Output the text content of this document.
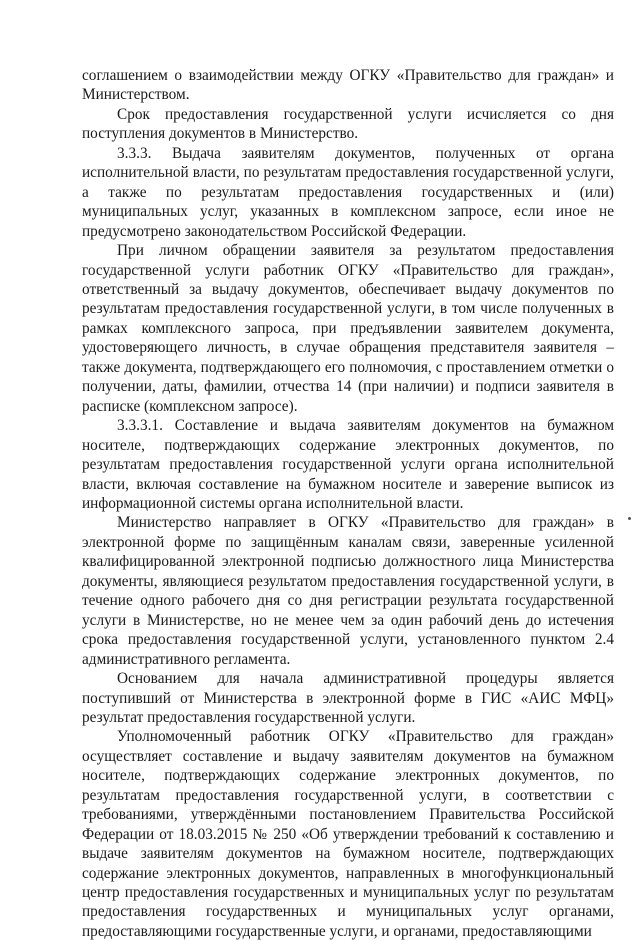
соглашением о взаимодействии между ОГКУ «Правительство для граждан» и Министерством.

Срок предоставления государственной услуги исчисляется со дня поступления документов в Министерство.

3.3.3. Выдача заявителям документов, полученных от органа исполнительной власти, по результатам предоставления государственной услуги, а также по результатам предоставления государственных и (или) муниципальных услуг, указанных в комплексном запросе, если иное не предусмотрено законодательством Российской Федерации.

При личном обращении заявителя за результатом предоставления государственной услуги работник ОГКУ «Правительство для граждан», ответственный за выдачу документов, обеспечивает выдачу документов по результатам предоставления государственной услуги, в том числе полученных в рамках комплексного запроса, при предъявлении заявителем документа, удостоверяющего личность, в случае обращения представителя заявителя – также документа, подтверждающего его полномочия, с проставлением отметки о получении, даты, фамилии, отчества 14 (при наличии) и подписи заявителя в расписке (комплексном запросе).

3.3.3.1. Составление и выдача заявителям документов на бумажном носителе, подтверждающих содержание электронных документов, по результатам предоставления государственной услуги органа исполнительной власти, включая составление на бумажном носителе и заверение выписок из информационной системы органа исполнительной власти.

Министерство направляет в ОГКУ «Правительство для граждан» в электронной форме по защищённым каналам связи, заверенные усиленной квалифицированной электронной подписью должностного лица Министерства документы, являющиеся результатом предоставления государственной услуги, в течение одного рабочего дня со дня регистрации результата государственной услуги в Министерстве, но не менее чем за один рабочий день до истечения срока предоставления государственной услуги, установленного пунктом 2.4 административного регламента.

Основанием для начала административной процедуры является поступивший от Министерства в электронной форме в ГИС «АИС МФЦ» результат предоставления государственной услуги.

Уполномоченный работник ОГКУ «Правительство для граждан» осуществляет составление и выдачу заявителям документов на бумажном носителе, подтверждающих содержание электронных документов, по результатам предоставления государственной услуги, в соответствии с требованиями, утверждёнными постановлением Правительства Российской Федерации от 18.03.2015 № 250 «Об утверждении требований к составлению и выдаче заявителям документов на бумажном носителе, подтверждающих содержание электронных документов, направленных в многофункциональный центр предоставления государственных и муниципальных услуг по результатам предоставления государственных и муниципальных услуг органами, предоставляющими государственные услуги, и органами, предоставляющими
